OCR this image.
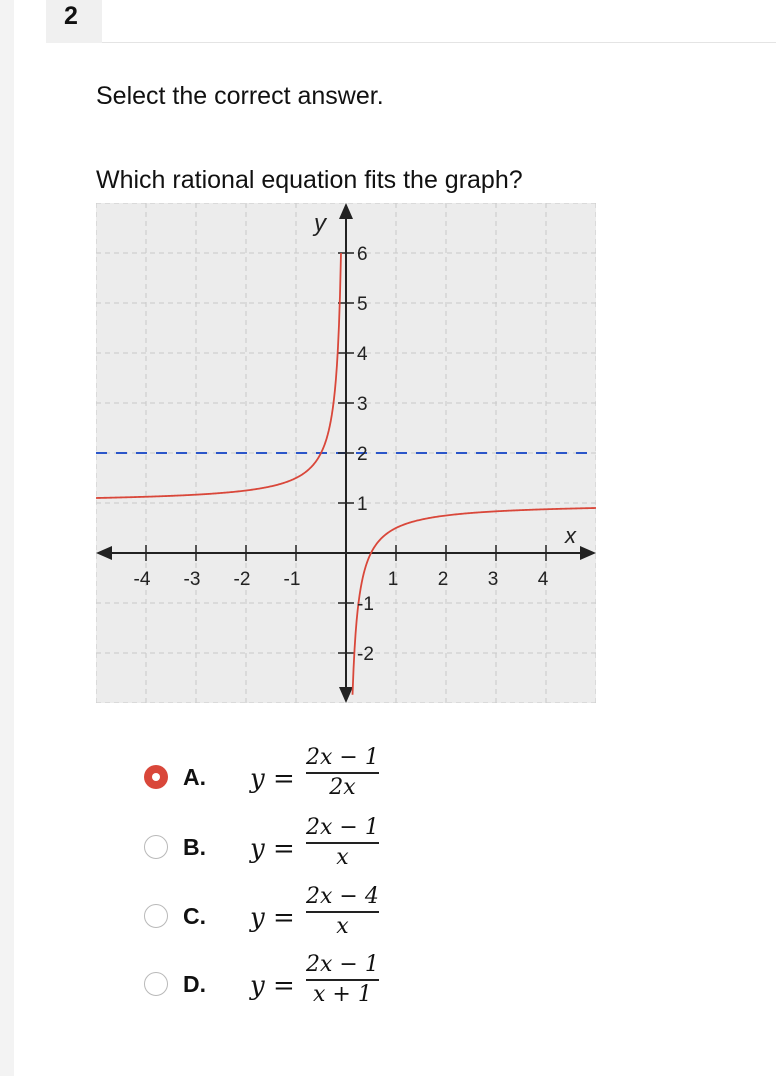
2
Select the correct answer.
Which rational equation fits the graph?
-4 -3 -2 -1	1 2 3 4
6
5
4
3
2
1
-1
-2
x
y
A. y =
2x − 1
2x
B. y =
2x − 1
x
C. y =
2x − 4
x
D. y =
2x − 1
x + 1
